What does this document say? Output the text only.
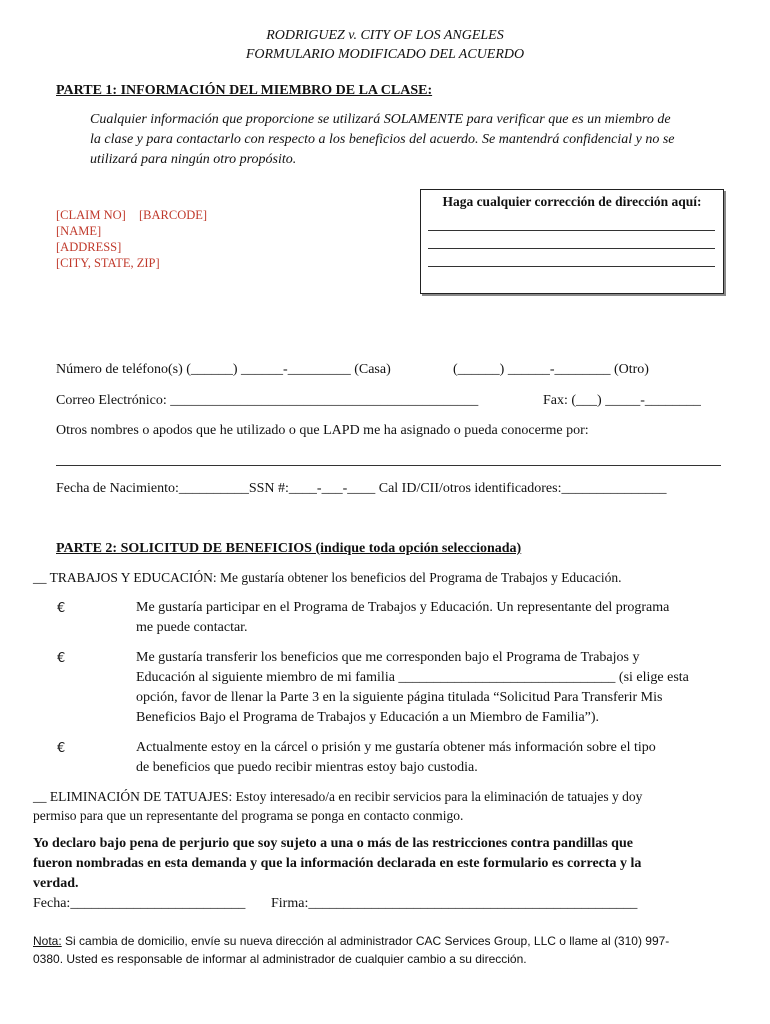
RODRIGUEZ v. CITY OF LOS ANGELES
FORMULARIO MODIFICADO DEL ACUERDO
PARTE 1: INFORMACIÓN DEL MIEMBRO DE LA CLASE:
Cualquier información que proporcione se utilizará SOLAMENTE para verificar que es un miembro de
la clase y para contactarlo con respecto a los beneficios del acuerdo. Se mantendrá confidencial y no se
utilizará para ningún otro propósito.
[CLAIM NO] [BARCODE]
[NAME]
[ADDRESS]
[CITY, STATE, ZIP]
Haga cualquier corrección de dirección aquí:
Número de teléfono(s) (______) ______-_________ (Casa)	(______) ______-________ (Otro)
Correo Electrónico: ____________________________________________	Fax: (___) _____-________
Otros nombres o apodos que he utilizado o que LAPD me ha asignado o pueda conocerme por:
Fecha de Nacimiento:__________SSN #:____-___-____ Cal ID/CII/otros identificadores:_______________
PARTE 2: SOLICITUD DE BENEFICIOS (indique toda opción seleccionada)
__ TRABAJOS Y EDUCACIÓN: Me gustaría obtener los beneficios del Programa de Trabajos y Educación.
€	Me gustaría participar en el Programa de Trabajos y Educación. Un representante del programa
me puede contactar.
€	Me gustaría transferir los beneficios que me corresponden bajo el Programa de Trabajos y
Educación al siguiente miembro de mi familia _______________________________ (si elige esta
opción, favor de llenar la Parte 3 en la siguiente página titulada “Solicitud Para Transferir Mis
Beneficios Bajo el Programa de Trabajos y Educación a un Miembro de Familia”).
€	Actualmente estoy en la cárcel o prisión y me gustaría obtener más información sobre el tipo
de beneficios que puedo recibir mientras estoy bajo custodia.
__ ELIMINACIÓN DE TATUAJES: Estoy interesado/a en recibir servicios para la eliminación de tatuajes y doy
permiso para que un representante del programa se ponga en contacto conmigo.
Yo declaro bajo pena de perjurio que soy sujeto a una o más de las restricciones contra pandillas que
fueron nombradas en esta demanda y que la información declarada en este formulario es correcta y la
verdad.
Fecha:_________________________ Firma:_______________________________________________
Nota: Si cambia de domicilio, envíe su nueva dirección al administrador CAC Services Group, LLC o llame al (310) 997-
0380. Usted es responsable de informar al administrador de cualquier cambio a su dirección.
